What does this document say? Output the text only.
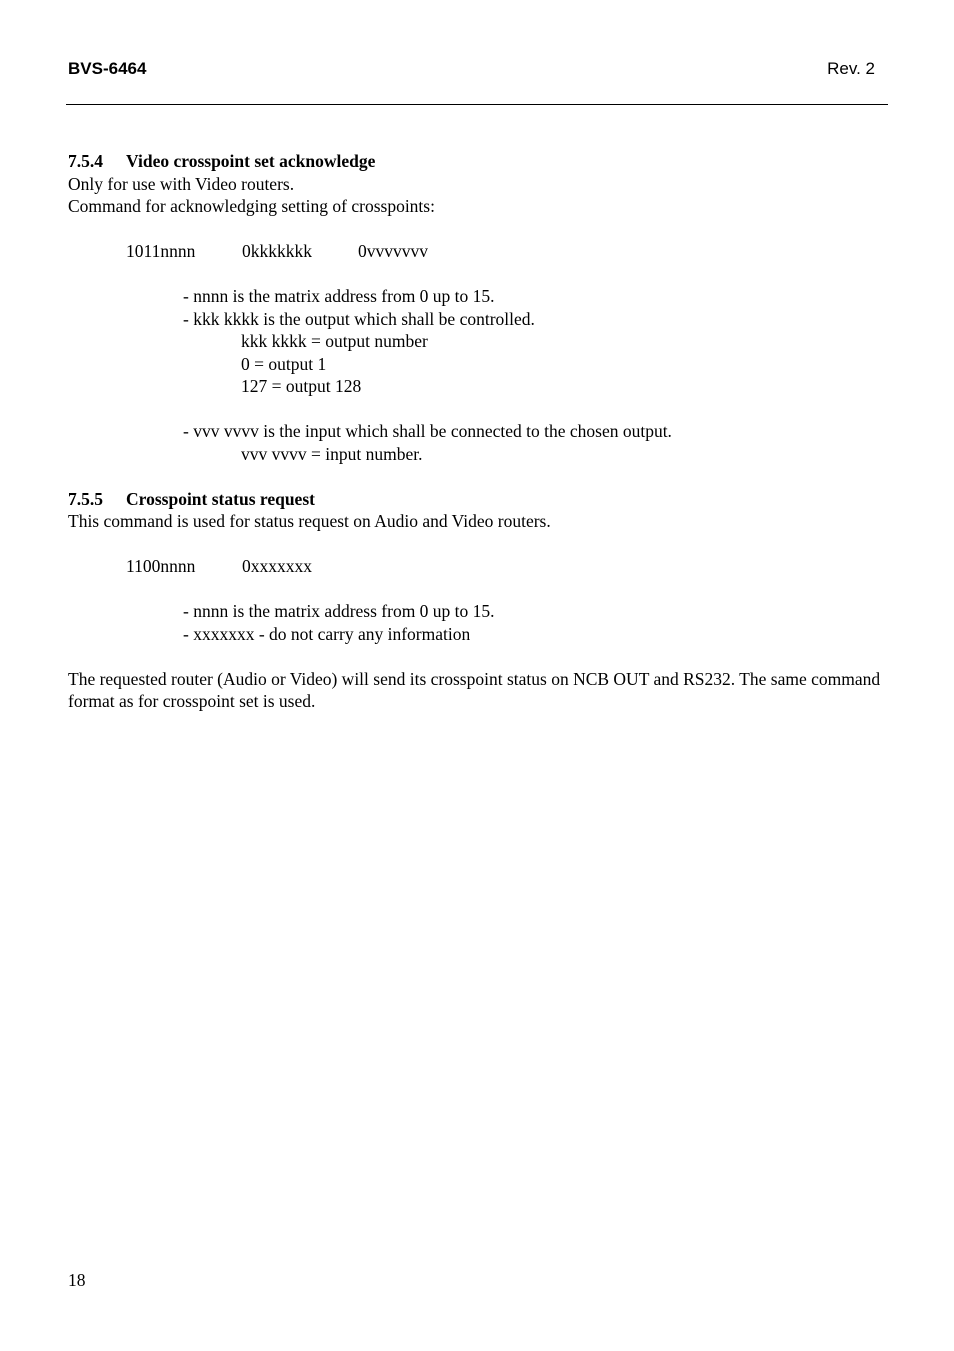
BVS-6464	Rev. 2
7.5.4 Video crosspoint set acknowledge
Only for use with Video routers.
Command for acknowledging setting of crosspoints:
1011nnnn	0kkkkkkk	0vvvvvvv
- nnnn is the matrix address from 0 up to 15.
- kkk kkkk is the output which shall be controlled.
kkk kkkk = output number
0 = output 1
127 = output 128
- vvv vvvv is the input which shall be connected to the chosen output.
vvv vvvv = input number.
7.5.5 Crosspoint status request
This command is used for status request on Audio and Video routers.
1100nnnn	0xxxxxxx
- nnnn is the matrix address from 0 up to 15.
- xxxxxxx - do not carry any information
The requested router (Audio or Video) will send its crosspoint status on NCB OUT and RS232. The same command format as for crosspoint set is used.
18
